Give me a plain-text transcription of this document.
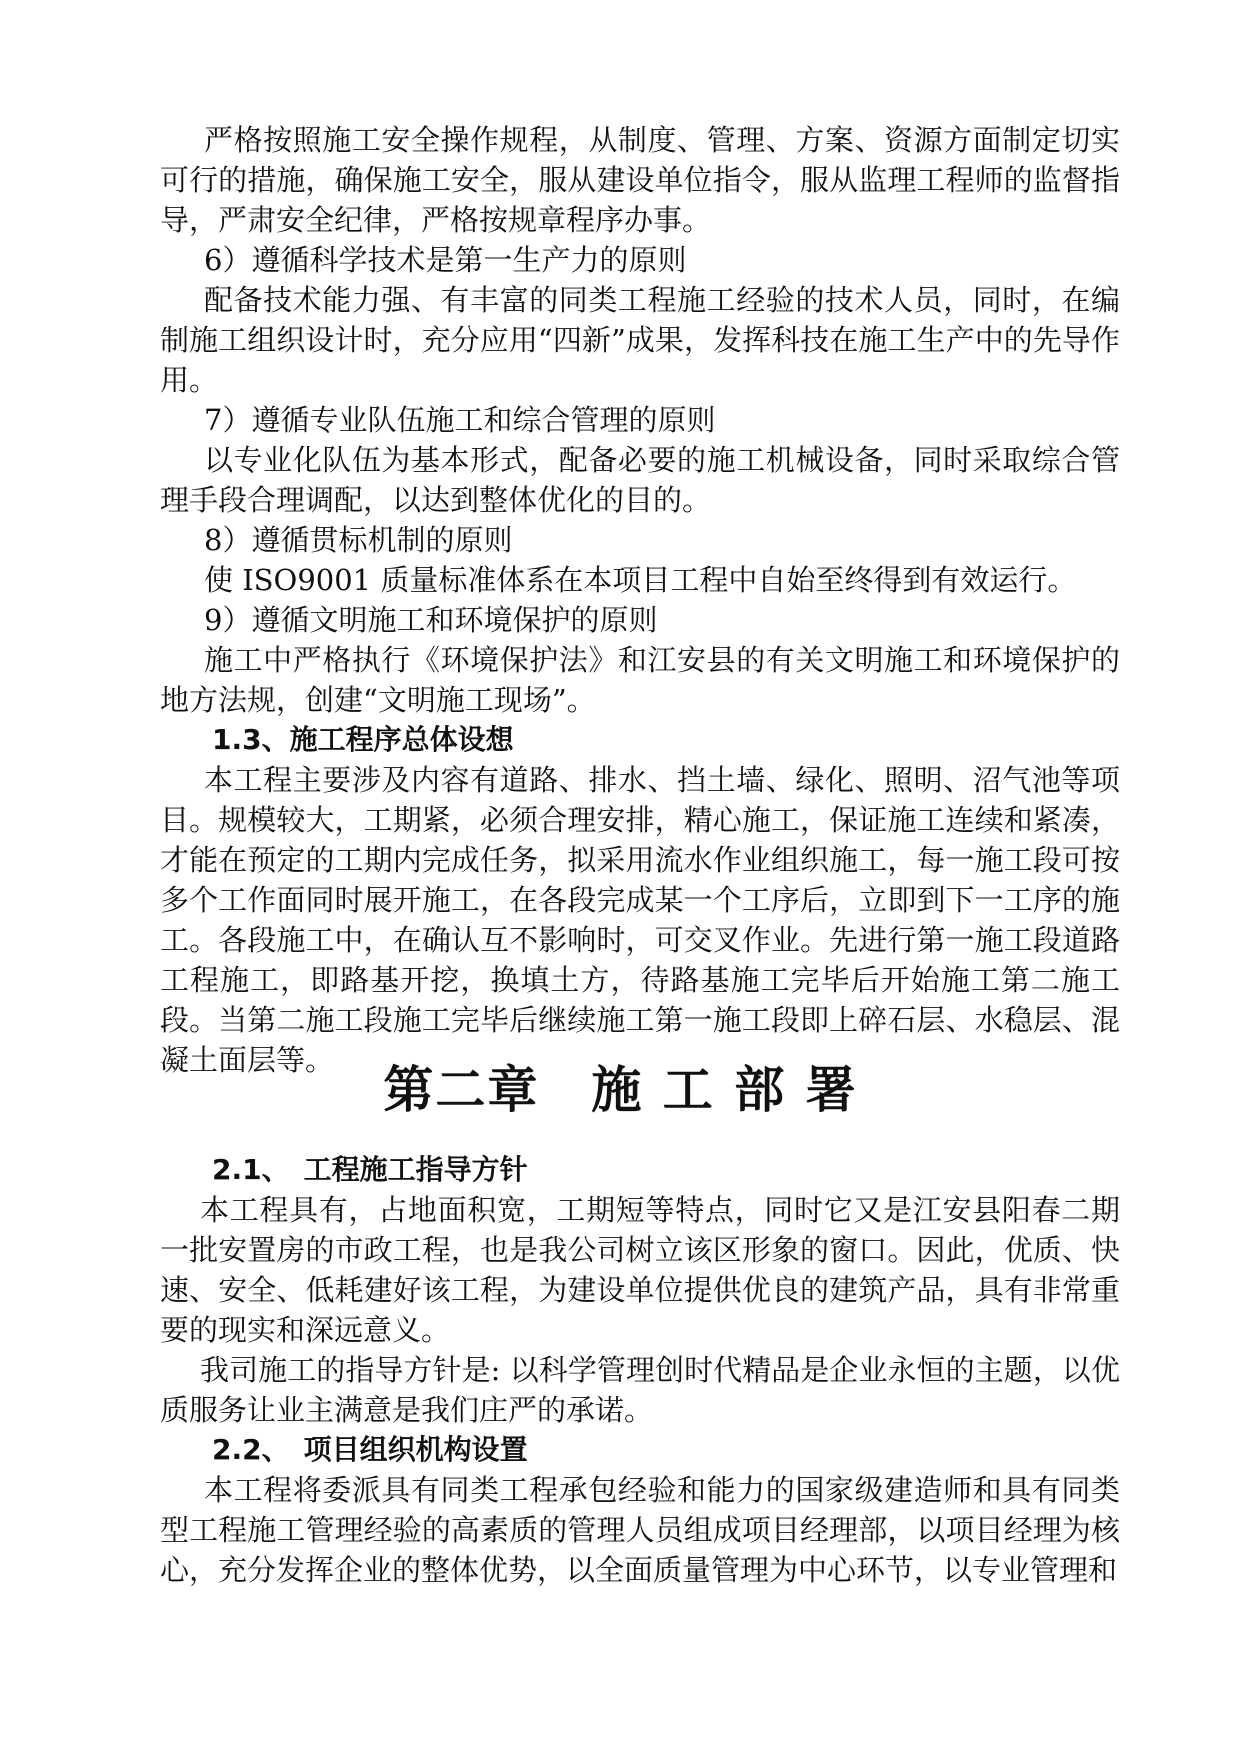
严格按照施工安全操作规程，从制度、管理、方案、资源方面制定切实可行的措施，确保施工安全，服从建设单位指令，服从监理工程师的监督指导，严肃安全纪律，严格按规章程序办事。

6）遵循科学技术是第一生产力的原则

配备技术能力强、有丰富的同类工程施工经验的技术人员，同时，在编制施工组织设计时，充分应用“四新”成果，发挥科技在施工生产中的先导作用。

7）遵循专业队伍施工和综合管理的原则

以专业化队伍为基本形式，配备必要的施工机械设备，同时采取综合管理手段合理调配，以达到整体优化的目的。

8）遵循贯标机制的原则

使 ISO9001 质量标准体系在本项目工程中自始至终得到有效运行。

9）遵循文明施工和环境保护的原则

施工中严格执行《环境保护法》和江安县的有关文明施工和环境保护的地方法规，创建“文明施工现场”。

1.3、施工程序总体设想

本工程主要涉及内容有道路、排水、挡土墙、绿化、照明、沼气池等项目。规模较大，工期紧，必须合理安排，精心施工，保证施工连续和紧凑，才能在预定的工期内完成任务，拟采用流水作业组织施工，每一施工段可按多个工作面同时展开施工，在各段完成某一个工序后，立即到下一工序的施工。各段施工中，在确认互不影响时，可交叉作业。先进行第一施工段道路工程施工，即路基开挖，换填土方，待路基施工完毕后开始施工第二施工段。当第二施工段施工完毕后继续施工第一施工段即上碎石层、水稳层、混凝土面层等。

第二章　施 工 部 署

2.1、　工程施工指导方针

本工程具有，占地面积宽，工期短等特点，同时它又是江安县阳春二期一批安置房的市政工程，也是我公司树立该区形象的窗口。因此，优质、快速、安全、低耗建好该工程，为建设单位提供优良的建筑产品，具有非常重要的现实和深远意义。

我司施工的指导方针是: 以科学管理创时代精品是企业永恒的主题，以优质服务让业主满意是我们庄严的承诺。

2.2、　项目组织机构设置

本工程将委派具有同类工程承包经验和能力的国家级建造师和具有同类型工程施工管理经验的高素质的管理人员组成项目经理部，以项目经理为核心，充分发挥企业的整体优势，以全面质量管理为中心环节，以专业管理和
